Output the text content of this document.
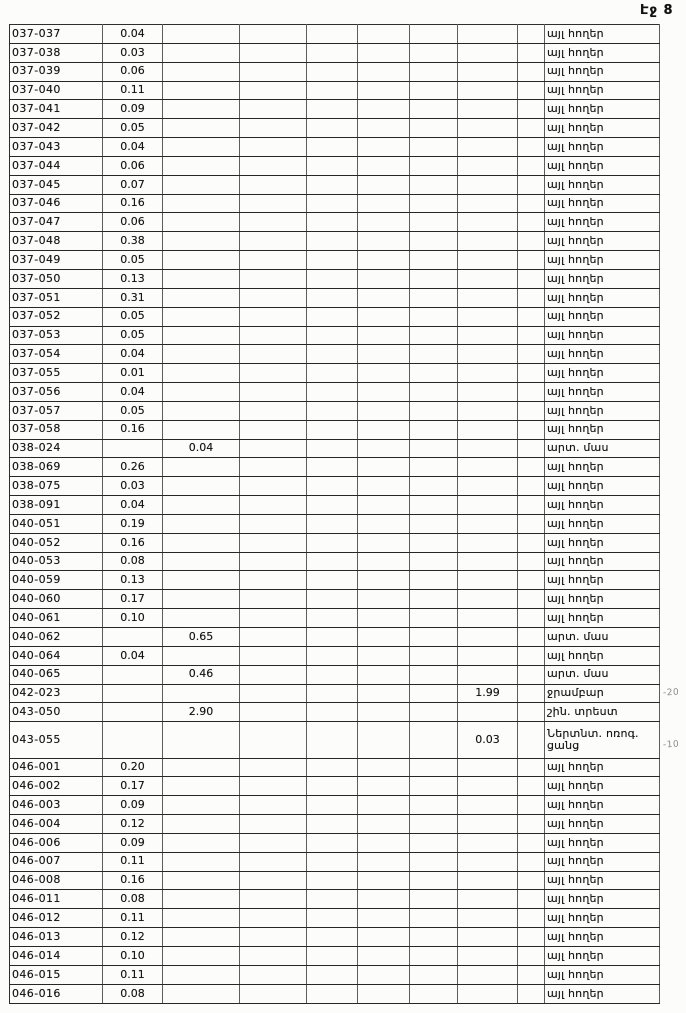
Էջ 8
037-037	0.04								այլ հողեր
037-038	0.03								այլ հողեր
037-039	0.06								այլ հողեր
037-040	0.11								այլ հողեր
037-041	0.09								այլ հողեր
037-042	0.05								այլ հողեր
037-043	0.04								այլ հողեր
037-044	0.06								այլ հողեր
037-045	0.07								այլ հողեր
037-046	0.16								այլ հողեր
037-047	0.06								այլ հողեր
037-048	0.38								այլ հողեր
037-049	0.05								այլ հողեր
037-050	0.13								այլ հողեր
037-051	0.31								այլ հողեր
037-052	0.05								այլ հողեր
037-053	0.05								այլ հողեր
037-054	0.04								այլ հողեր
037-055	0.01								այլ հողեր
037-056	0.04								այլ հողեր
037-057	0.05								այլ հողեր
037-058	0.16								այլ հողեր
038-024		0.04							արտ. մաս
038-069	0.26								այլ հողեր
038-075	0.03								այլ հողեր
038-091	0.04								այլ հողեր
040-051	0.19								այլ հողեր
040-052	0.16								այլ հողեր
040-053	0.08								այլ հողեր
040-059	0.13								այլ հողեր
040-060	0.17								այլ հողեր
040-061	0.10								այլ հողեր
040-062		0.65							արտ. մաս
040-064	0.04								այլ հողեր
040-065		0.46							արտ. մաս
042-023							1.99		ջրամբար
043-050		2.90							շին. տրեստ
043-055							0.03		Ներտնտ. ոռոգ. ցանց
046-001	0.20								այլ հողեր
046-002	0.17								այլ հողեր
046-003	0.09								այլ հողեր
046-004	0.12								այլ հողեր
046-006	0.09								այլ հողեր
046-007	0.11								այլ հողեր
046-008	0.16								այլ հողեր
046-011	0.08								այլ հողեր
046-012	0.11								այլ հողեր
046-013	0.12								այլ հողեր
046-014	0.10								այլ հողեր
046-015	0.11								այլ հողեր
046-016	0.08								այլ հողեր
-20
-10
